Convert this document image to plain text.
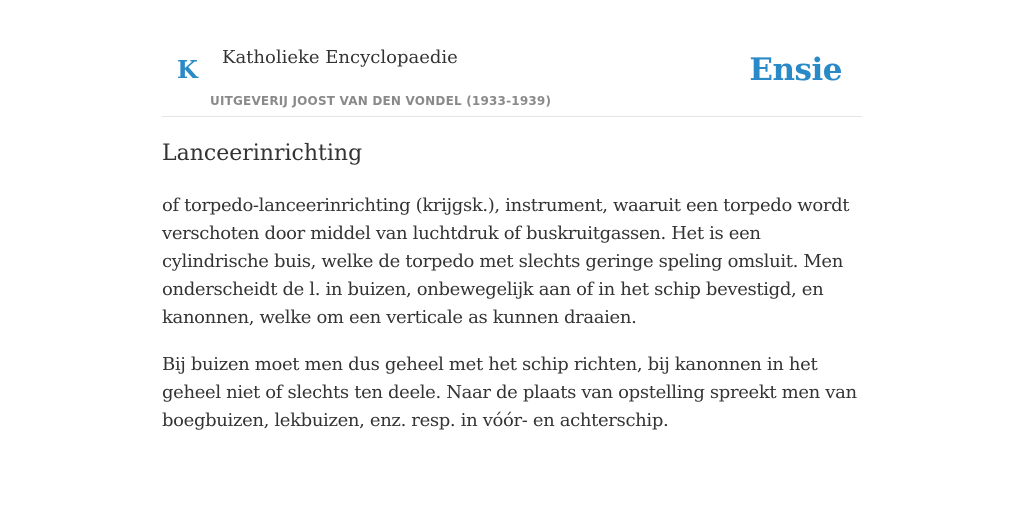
K Katholieke Encyclopaedie
UITGEVERIJ JOOST VAN DEN VONDEL (1933-1939)
Ensie
Lanceerinrichting

of torpedo-lanceerinrichting (krijgsk.), instrument, waaruit een torpedo wordt verschoten door middel van luchtdruk of buskruitgassen. Het is een cylindrische buis, welke de torpedo met slechts geringe speling omsluit. Men onderscheidt de l. in buizen, onbewegelijk aan of in het schip bevestigd, en kanonnen, welke om een verticale as kunnen draaien.

Bij buizen moet men dus geheel met het schip richten, bij kanonnen in het geheel niet of slechts ten deele. Naar de plaats van opstelling spreekt men van boegbuizen, lekbuizen, enz. resp. in vóór- en achterschip.
